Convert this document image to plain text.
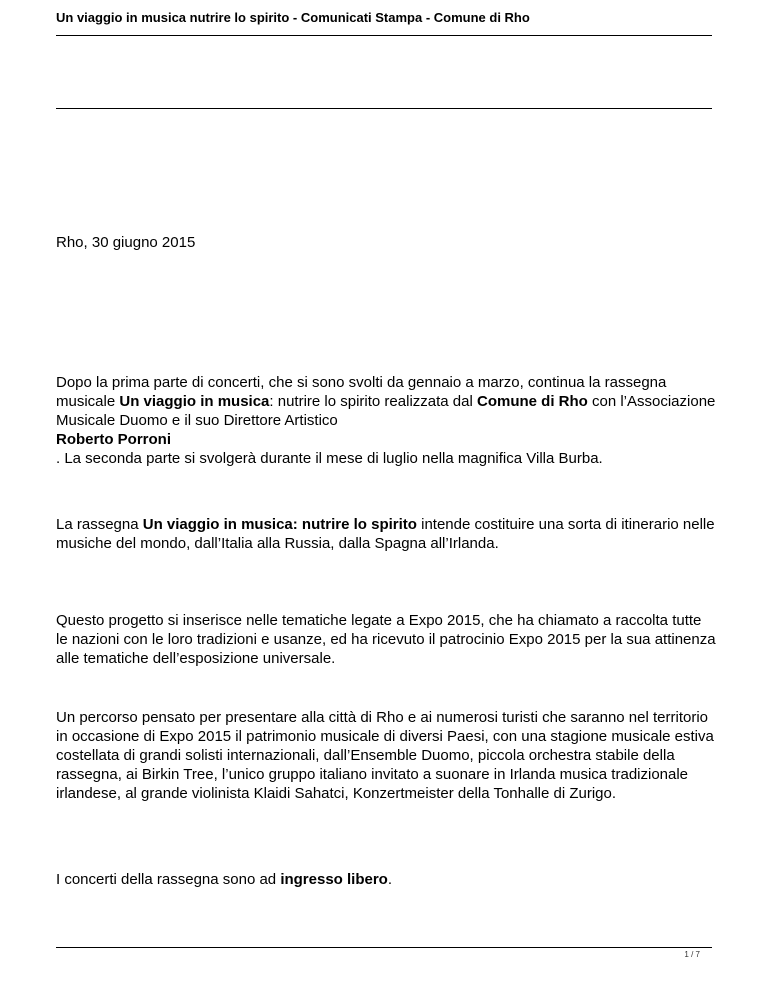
Un viaggio in musica nutrire lo spirito - Comunicati Stampa - Comune di Rho
Rho, 30 giugno 2015
Dopo la prima parte di concerti, che si sono svolti da gennaio a marzo, continua la rassegna musicale Un viaggio in musica: nutrire lo spirito realizzata dal Comune di Rho con l’Associazione Musicale Duomo e il suo Direttore Artistico
Roberto Porroni
. La seconda parte si svolgerà durante il mese di luglio nella magnifica Villa Burba.
La rassegna Un viaggio in musica: nutrire lo spirito intende costituire una sorta di itinerario nelle musiche del mondo, dall’Italia alla Russia, dalla Spagna all’Irlanda.
Questo progetto si inserisce nelle tematiche legate a Expo 2015, che ha chiamato a raccolta tutte le nazioni con le loro tradizioni e usanze, ed ha ricevuto il patrocinio Expo 2015 per la sua attinenza alle tematiche dell’esposizione universale.
Un percorso pensato per presentare alla città di Rho e ai numerosi turisti che saranno nel territorio in occasione di Expo 2015 il patrimonio musicale di diversi Paesi, con una stagione musicale estiva costellata di grandi solisti internazionali, dall’Ensemble Duomo, piccola orchestra stabile della rassegna, ai Birkin Tree, l’unico gruppo italiano invitato a suonare in Irlanda musica tradizionale irlandese, al grande violinista Klaidi Sahatci, Konzertmeister della Tonhalle di Zurigo.
I concerti della rassegna sono ad ingresso libero.
1 / 7
